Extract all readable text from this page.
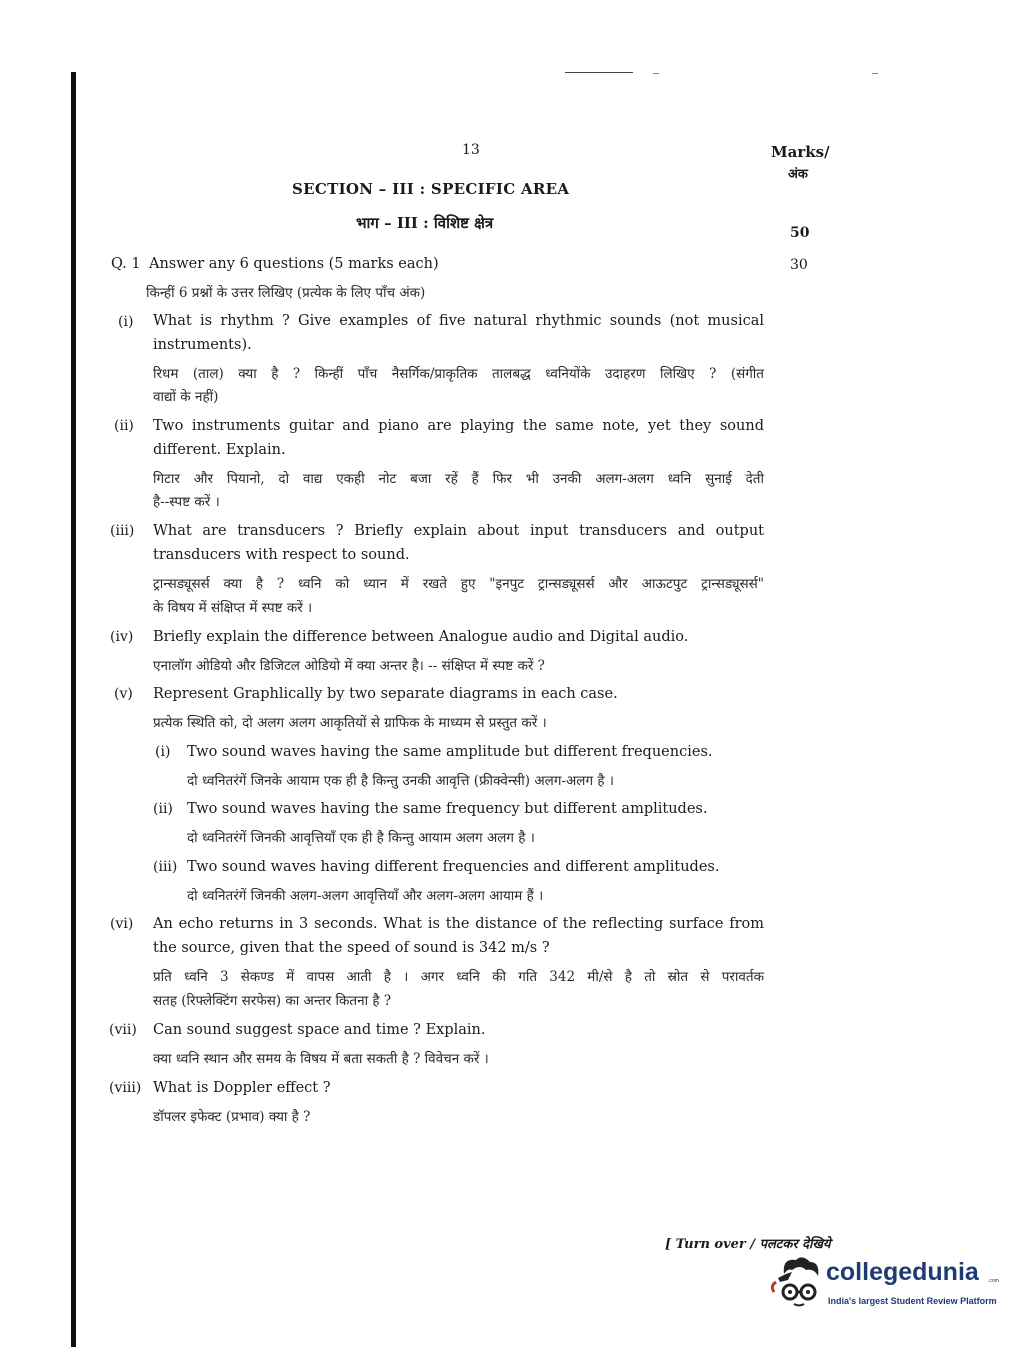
13	Marks/
अंक
SECTION – III : SPECIFIC AREA
भाग – III : विशिष्ट क्षेत्र
50
30
Q. 1 Answer any 6 questions (5 marks each)
किन्हीं 6 प्रश्नों के उत्तर लिखिए (प्रत्येक के लिए पाँच अंक)
(i) What is rhythm ? Give examples of five natural rhythmic sounds (not musical
instruments).
रिधम (ताल) क्या है ? किन्हीं पाँच नैसर्गिक/प्राकृतिक तालबद्ध ध्वनियोंके उदाहरण लिखिए ? (संगीत
वाद्यों के नहीं)
(ii) Two instruments guitar and piano are playing the same note, yet they sound
different. Explain.
गिटार और पियानो, दो वाद्य एकही नोट बजा रहें हैं फिर भी उनकी अलग-अलग ध्वनि सुनाई देती
है--स्पष्ट करें ।
(iii) What are transducers ? Briefly explain about input transducers and output
transducers with respect to sound.
ट्रान्सड्यूसर्स क्या है ? ध्वनि को ध्यान में रखते हुए "इनपुट ट्रान्सड्यूसर्स और आऊटपुट ट्रान्सड्यूसर्स"
के विषय में संक्षिप्त में स्पष्ट करें ।
(iv) Briefly explain the difference between Analogue audio and Digital audio.
एनालॉग ओडियो और डिजिटल ओडियो में क्या अन्तर है। -- संक्षिप्त में स्पष्ट करें ?
(v) Represent Graphlically by two separate diagrams in each case.
प्रत्येक स्थिति को, दो अलग अलग आकृतियों से ग्राफिक के माध्यम से प्रस्तुत करें ।
(i) Two sound waves having the same amplitude but different frequencies.
दो ध्वनितरंगें जिनके आयाम एक ही है किन्तु उनकी आवृत्ति (फ्रीक्वेन्सी) अलग-अलग है ।
(ii) Two sound waves having the same frequency but different amplitudes.
दो ध्वनितरंगें जिनकी आवृत्तियाँ एक ही है किन्तु आयाम अलग अलग है ।
(iii) Two sound waves having different frequencies and different amplitudes.
दो ध्वनितरंगें जिनकी अलग-अलग आवृत्तियाँ और अलग-अलग आयाम हैं ।
(vi) An echo returns in 3 seconds. What is the distance of the reflecting surface from
the source, given that the speed of sound is 342 m/s ?
प्रति ध्वनि 3 सेकण्ड में वापस आती है । अगर ध्वनि की गति 342 मी/से है तो स्रोत से परावर्तक
सतह (रिफ्लेक्टिंग सरफेस) का अन्तर कितना है ?
(vii) Can sound suggest space and time ? Explain.
क्या ध्वनि स्थान और समय के विषय में बता सकती है ? विवेचन करें ।
(viii) What is Doppler effect ?
डॉपलर इफेक्ट (प्रभाव) क्या है ?
[ Turn over / पलटकर देखिये
collegedunia .com
India's largest Student Review Platform
